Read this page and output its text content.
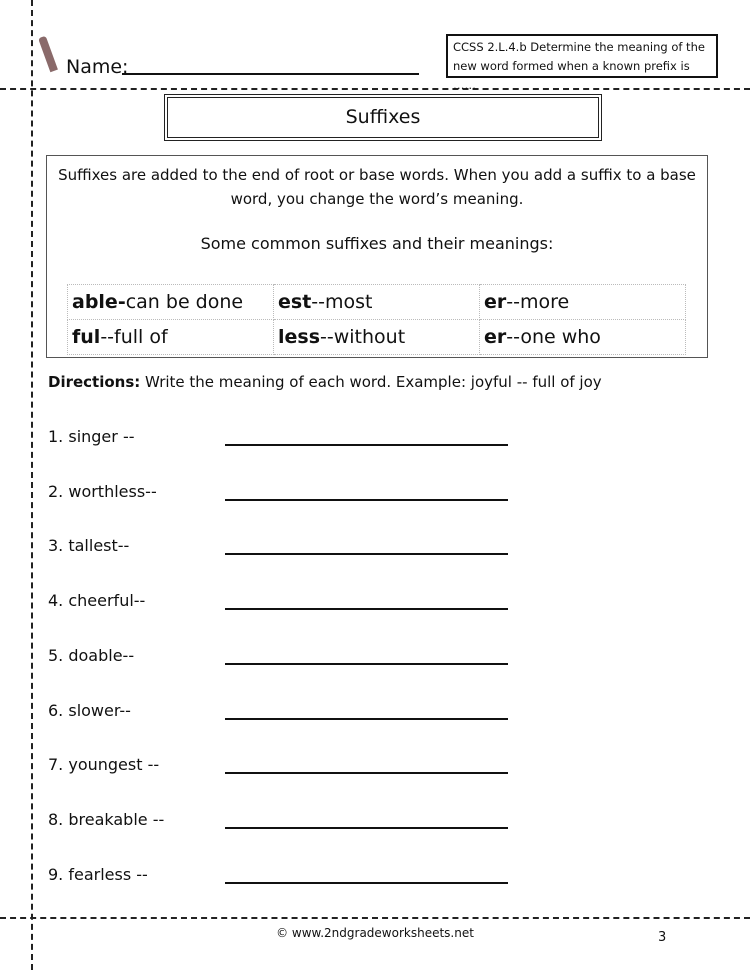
Name:
CCSS 2.L.4.b Determine the meaning of the new word formed when a known prefix is ……
Suffixes
Suffixes are added to the end of root or base words. When you add a suffix to a base word, you change the word’s meaning.
Some common suffixes and their meanings:
able-can be done	est--most	er--more
ful--full of	less--without	er--one who
Directions: Write the meaning of each word. Example: joyful -- full of joy
1. singer --
2. worthless--
3. tallest--
4. cheerful--
5. doable--
6. slower--
7. youngest --
8. breakable --
9. fearless --
© www.2ndgradeworksheets.net	3
